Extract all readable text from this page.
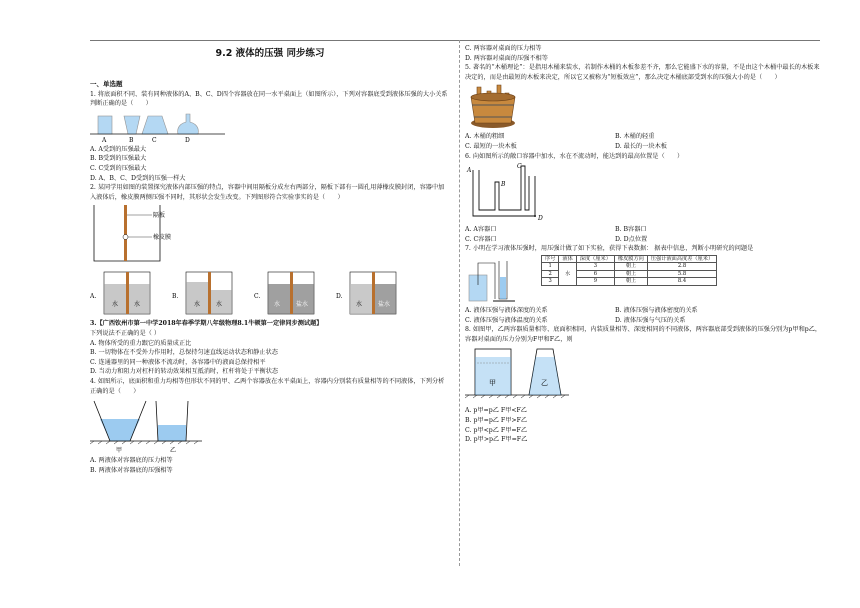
9.2 液体的压强 同步练习
一、单选题

1. 将底面积不同、装有同种液体的A、B、C、D四个容器放在同一水平桌面上（如图所示），下列对容器底受到液体压强的大小关系判断正确的是（　　）

A	B	C	D

A. A受到的压强最大

B. B受到的压强最大

C. C受到的压强最大

D. A、B、C、D受到的压强一样大

2. 某同学用如图的装置探究液体内部压强的特点，容器中间用隔板分成左右两部分，隔板下部有一圆孔用薄橡皮膜封闭，容器中加入液体后，橡皮膜两侧压强不同时，其形状会发生改变。下列图形符合实验事实的是（　　）

隔板
橡皮膜
A.
水	水
B.
水	水
C.
水	盐水
D.
水	盐水

3.【广西钦州市第一中学2018年春季学期八年级物理8.1牛顿第一定律同步测试题】

下列说法不正确的是（ ）

A. 物体所受的重力跟它的质量成正比

B. 一切物体在不受外力作用时，总保持匀速直线运动状态和静止状态

C. 连通器里的同一种液体不流动时，各容器中的液面总保持相平

D. 当动力和阻力对杠杆的转动效果相互抵消时，杠杆将处于平衡状态

4. 如图所示，底面积和重力均相等但形状不同的甲、乙两个容器放在水平桌面上，容器内分别装有质量相等的不同液体，下列分析正确的是（　　）

甲	乙

A. 两液体对容器底的压力相等

B. 两液体对容器底的压强相等

C. 两容器对桌面的压力相等

D. 两容器对桌面的压强不相等

5. 著名的“木桶理论”：是指用木桶来装水，若制作木桶的木板参差不齐，那么它能盛下水的容量，不是由这个木桶中最长的木板来决定的，而是由最短的木板来决定，所以它又被称为“短板效应”，那么决定木桶底部受到水的压强大小的是（　　）

A. 木桶的粗细	B. 木桶的轻重
C. 最短的一块木板	D. 最长的一块木板

6. 向如图所示的敞口容器中加水，水在不流动时，能达到的最高位置是（　　）

A
B
C
D
A. A容器口	B. B容器口
C. C容器口	D. D点位置

7. 小明在学习液体压强时，用压强计做了如下实验，获得下表数据： 据表中信息，判断小明研究的问题是

序号	液体	深度（厘米）	橡皮膜方向	压强计液面高度差（厘米）
1	水	3	朝上	2.8
2		6	朝上	5.8
3		9	朝上	8.4
A. 液体压强与液体深度的关系	B. 液体压强与液体密度的关系
C. 液体压强与液体温度的关系	D. 液体压强与气压的关系

8. 如图甲，乙两容器质量相等、底面积相同，内装质量相等、深度相同的不同液体，两容器底部受到液体的压强分别为p甲和p乙，容器对桌面的压力分别为F甲和F乙，则

甲	乙

A. p甲=p乙 F甲<F乙

B. p甲=p乙 F甲>F乙

C. p甲<p乙 F甲=F乙

D. p甲>p乙 F甲=F乙
